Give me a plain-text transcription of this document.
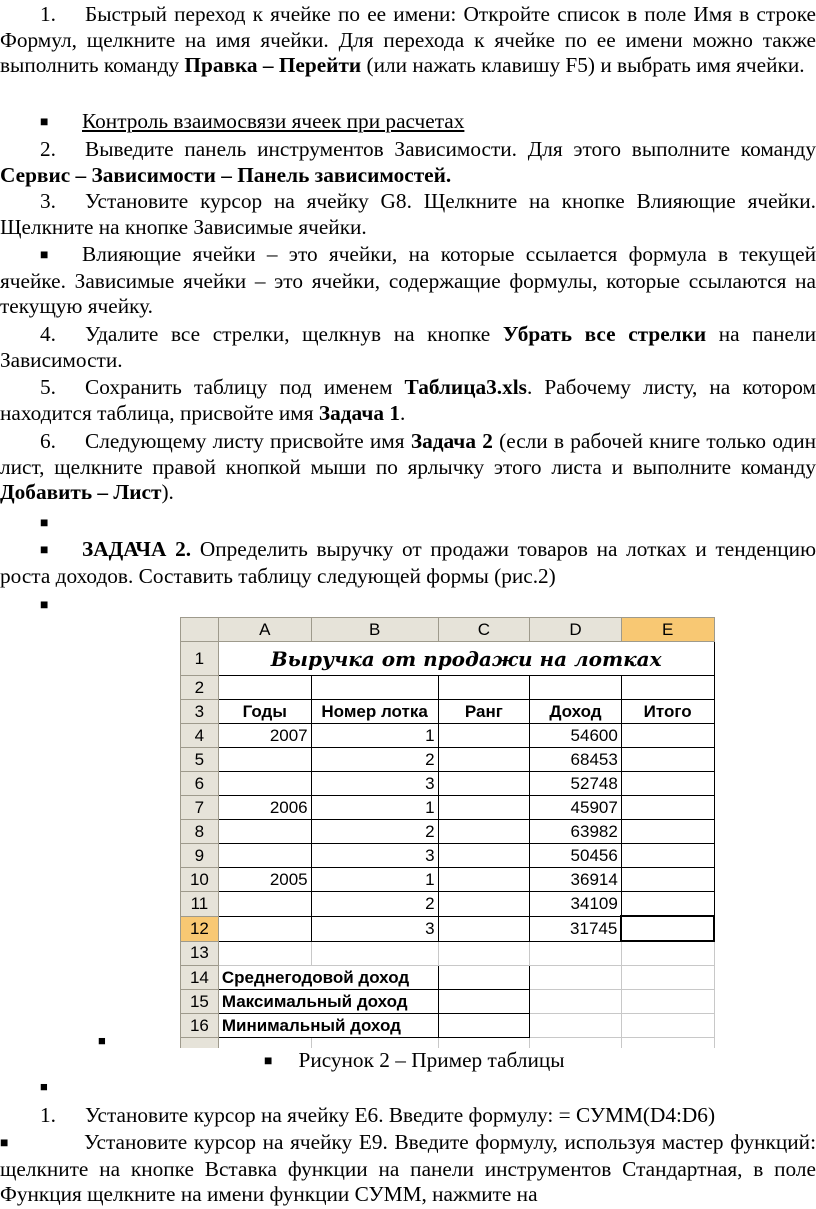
1. Быстрый переход к ячейке по ее имени: Откройте список в поле Имя в строке Формул, щелкните на имя ячейки. Для перехода к ячейке по ее имени можно также выполнить команду Правка – Перейти (или нажать клавишу F5) и выбрать имя ячейки.
■ Контроль взаимосвязи ячеек при расчетах
2. Выведите панель инструментов Зависимости. Для этого выполните команду Сервис – Зависимости – Панель зависимостей.
3. Установите курсор на ячейку G8. Щелкните на кнопке Влияющие ячейки. Щелкните на кнопке Зависимые ячейки.
■ Влияющие ячейки – это ячейки, на которые ссылается формула в текущей ячейке. Зависимые ячейки – это ячейки, содержащие формулы, которые ссылаются на текущую ячейку.
4. Удалите все стрелки, щелкнув на кнопке Убрать все стрелки на панели Зависимости.
5. Сохранить таблицу под именем Таблица3.xls. Рабочему листу, на котором находится таблица, присвойте имя Задача 1.
6. Следующему листу присвойте имя Задача 2 (если в рабочей книге только один лист, щелкните правой кнопкой мыши по ярлычку этого листа и выполните команду Добавить – Лист).
■
■ ЗАДАЧА 2. Определить выручку от продажи товаров на лотках и тенденцию роста доходов. Составить таблицу следующей формы (рис.2)
■
	A	B	C	D	E
1	Выручка от продажи на лотках				
2					
3	Годы	Номер лотка	Ранг	Доход	Итого
4	2007	1		54600	
5		2		68453	
6		3		52748	
7	2006	1		45907	
8		2		63982	
9		3		50456	
10	2005	1		36914	
11		2		34109	
12		3		31745	
13					
14	Среднегодовой доход				
15	Максимальный доход				
16	Минимальный доход				

■
■ Рисунок 2 – Пример таблицы
■
1. Установите курсор на ячейку Е6. Введите формулу: = СУММ(D4:D6)
■	Установите курсор на ячейку Е9. Введите формулу, используя мастер функций: щелкните на кнопке Вставка функции на панели инструментов Стандартная, в поле Функция щелкните на имени функции СУММ, нажмите на
